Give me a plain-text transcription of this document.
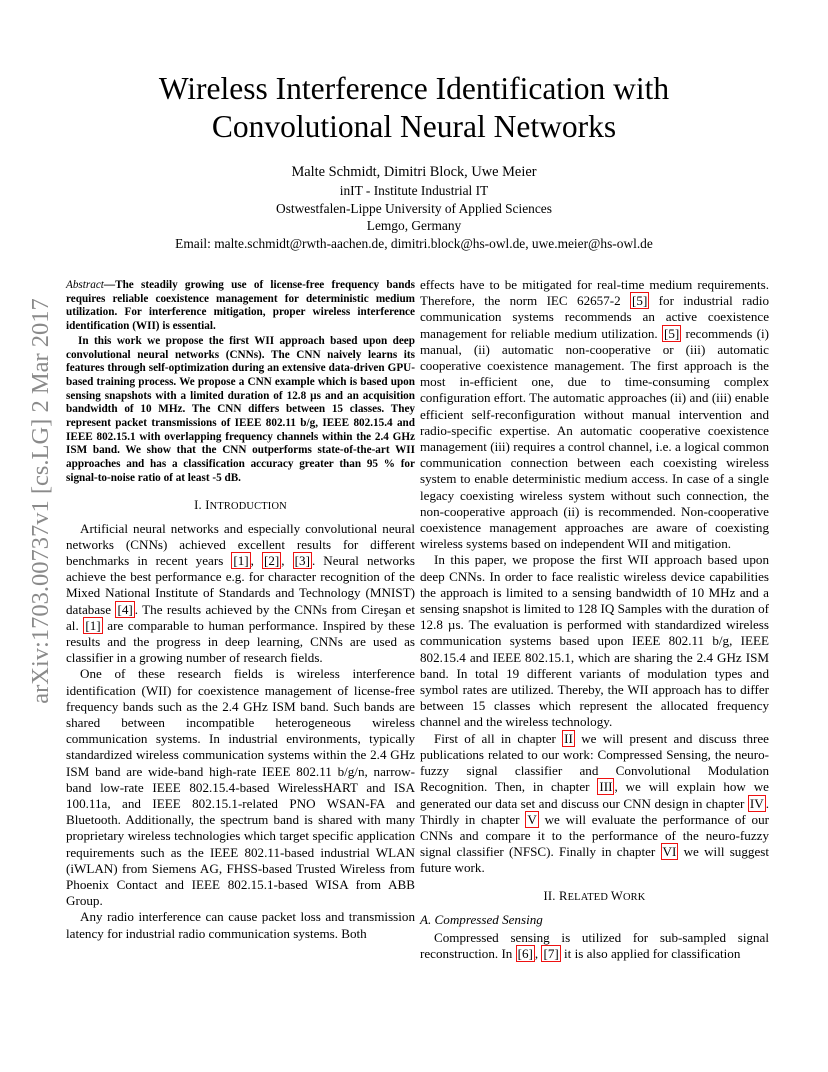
arXiv:1703.00737v1 [cs.LG] 2 Mar 2017
Wireless Interference Identification with Convolutional Neural Networks
Malte Schmidt, Dimitri Block, Uwe Meier
inIT - Institute Industrial IT
Ostwestfalen-Lippe University of Applied Sciences
Lemgo, Germany
Email: malte.schmidt@rwth-aachen.de, dimitri.block@hs-owl.de, uwe.meier@hs-owl.de

Abstract—The steadily growing use of license-free frequency bands requires reliable coexistence management for deterministic medium utilization. For interference mitigation, proper wireless interference identification (WII) is essential.

In this work we propose the first WII approach based upon deep convolutional neural networks (CNNs). The CNN naively learns its features through self-optimization during an extensive data-driven GPU-based training process. We propose a CNN example which is based upon sensing snapshots with a limited duration of 12.8 µs and an acquisition bandwidth of 10 MHz. The CNN differs between 15 classes. They represent packet transmissions of IEEE 802.11 b/g, IEEE 802.15.4 and IEEE 802.15.1 with overlapping frequency channels within the 2.4 GHz ISM band. We show that the CNN outperforms state-of-the-art WII approaches and has a classification accuracy greater than 95 % for signal-to-noise ratio of at least -5 dB.

I. INTRODUCTION

Artificial neural networks and especially convolutional neural networks (CNNs) achieved excellent results for different benchmarks in recent years [1] , [2] , [3] . Neural networks achieve the best performance e.g. for character recognition of the Mixed National Institute of Standards and Technology (MNIST) database [4] . The results achieved by the CNNs from Cireşan et al. [1] are comparable to human performance. Inspired by these results and the progress in deep learning, CNNs are used as classifier in a growing number of research fields.

One of these research fields is wireless interference identification (WII) for coexistence management of license-free frequency bands such as the 2.4 GHz ISM band. Such bands are shared between incompatible heterogeneous wireless communication systems. In industrial environments, typically standardized wireless communication systems within the 2.4 GHz ISM band are wide-band high-rate IEEE 802.11 b/g/n, narrow-band low-rate IEEE 802.15.4-based WirelessHART and ISA 100.11a, and IEEE 802.15.1-related PNO WSAN-FA and Bluetooth. Additionally, the spectrum band is shared with many proprietary wireless technologies which target specific application requirements such as the IEEE 802.11-based industrial WLAN (iWLAN) from Siemens AG, FHSS-based Trusted Wireless from Phoenix Contact and IEEE 802.15.1-based WISA from ABB Group.

Any radio interference can cause packet loss and transmission latency for industrial radio communication systems. Both

effects have to be mitigated for real-time medium requirements. Therefore, the norm IEC 62657-2 [5] for industrial radio communication systems recommends an active coexistence management for reliable medium utilization. [5] recommends (i) manual, (ii) automatic non-cooperative or (iii) automatic cooperative coexistence management. The first approach is the most in-efficient one, due to time-consuming complex configuration effort. The automatic approaches (ii) and (iii) enable efficient self-reconfiguration without manual intervention and radio-specific expertise. An automatic cooperative coexistence management (iii) requires a control channel, i.e. a logical common communication connection between each coexisting wireless system to enable deterministic medium access. In case of a single legacy coexisting wireless system without such connection, the non-cooperative approach (ii) is recommended. Non-cooperative coexistence management approaches are aware of coexisting wireless systems based on independent WII and mitigation.

In this paper, we propose the first WII approach based upon deep CNNs. In order to face realistic wireless device capabilities the approach is limited to a sensing bandwidth of 10 MHz and a sensing snapshot is limited to 128 IQ Samples with the duration of 12.8 µs. The evaluation is performed with standardized wireless communication systems based upon IEEE 802.11 b/g, IEEE 802.15.4 and IEEE 802.15.1, which are sharing the 2.4 GHz ISM band. In total 19 different variants of modulation types and symbol rates are utilized. Thereby, the WII approach has to differ between 15 classes which represent the allocated frequency channel and the wireless technology.

First of all in chapter II we will present and discuss three publications related to our work: Compressed Sensing, the neuro-fuzzy signal classifier and Convolutional Modulation Recognition. Then, in chapter III , we will explain how we generated our data set and discuss our CNN design in chapter IV . Thirdly in chapter V we will evaluate the performance of our CNNs and compare it to the performance of the neuro-fuzzy signal classifier (NFSC). Finally in chapter VI we will suggest future work.

II. RELATED WORK
A. Compressed Sensing

Compressed sensing is utilized for sub-sampled signal reconstruction. In [6] , [7] it is also applied for classification
